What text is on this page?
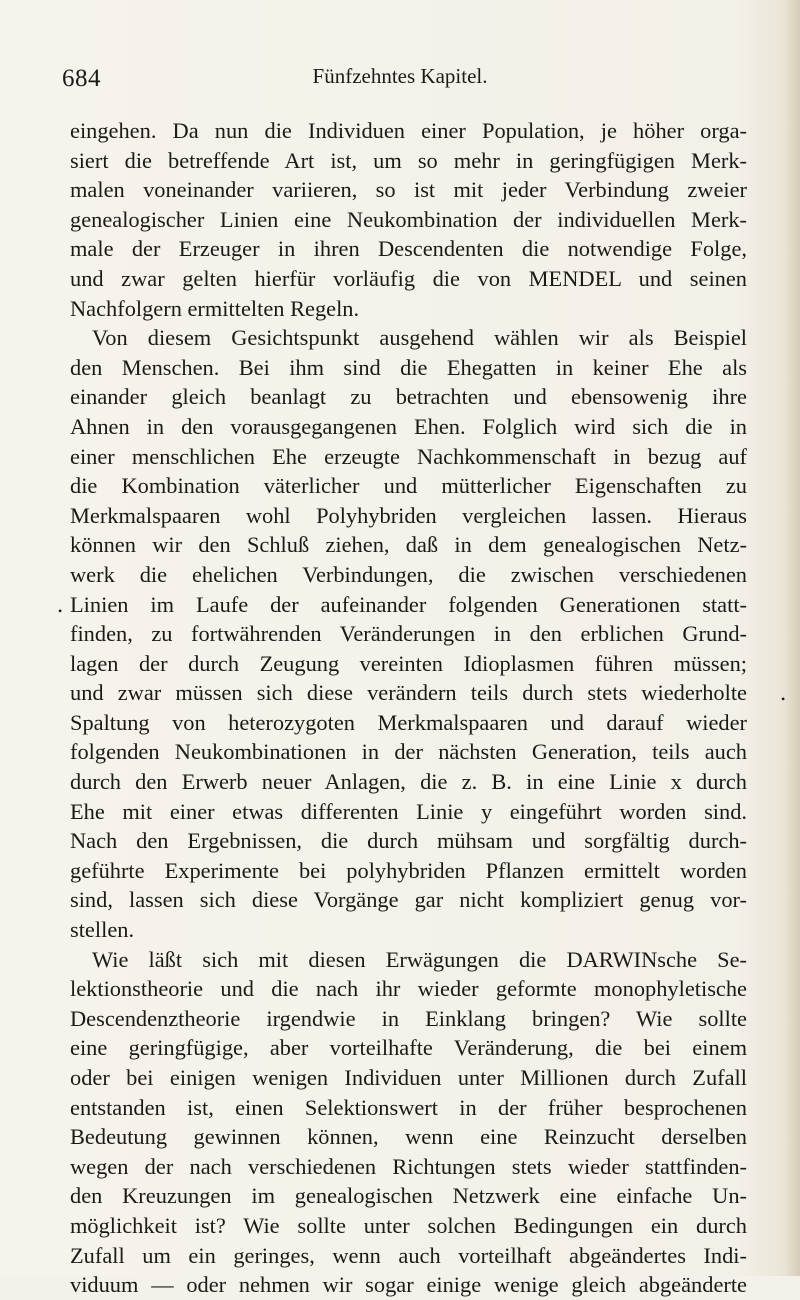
684	Fünfzehntes Kapitel.
eingehen. Da nun die Individuen einer Population, je höher orga-
siert die betreffende Art ist, um so mehr in geringfügigen Merk-
malen voneinander variieren, so ist mit jeder Verbindung zweier
genealogischer Linien eine Neukombination der individuellen Merk-
male der Erzeuger in ihren Descendenten die notwendige Folge,
und zwar gelten hierfür vorläufig die von MENDEL und seinen
Nachfolgern ermittelten Regeln.
Von diesem Gesichtspunkt ausgehend wählen wir als Beispiel
den Menschen. Bei ihm sind die Ehegatten in keiner Ehe als
einander gleich beanlagt zu betrachten und ebensowenig ihre
Ahnen in den vorausgegangenen Ehen. Folglich wird sich die in
einer menschlichen Ehe erzeugte Nachkommenschaft in bezug auf
die Kombination väterlicher und mütterlicher Eigenschaften zu
Merkmalspaaren wohl Polyhybriden vergleichen lassen. Hieraus
können wir den Schluß ziehen, daß in dem genealogischen Netz-
werk die ehelichen Verbindungen, die zwischen verschiedenen
Linien im Laufe der aufeinander folgenden Generationen statt-
finden, zu fortwährenden Veränderungen in den erblichen Grund-
lagen der durch Zeugung vereinten Idioplasmen führen müssen;
und zwar müssen sich diese verändern teils durch stets wiederholte
Spaltung von heterozygoten Merkmalspaaren und darauf wieder
folgenden Neukombinationen in der nächsten Generation, teils auch
durch den Erwerb neuer Anlagen, die z. B. in eine Linie x durch
Ehe mit einer etwas differenten Linie y eingeführt worden sind.
Nach den Ergebnissen, die durch mühsam und sorgfältig durch-
geführte Experimente bei polyhybriden Pflanzen ermittelt worden
sind, lassen sich diese Vorgänge gar nicht kompliziert genug vor-
stellen.
Wie läßt sich mit diesen Erwägungen die DARWINsche Se-
lektionstheorie und die nach ihr wieder geformte monophyletische
Descendenztheorie irgendwie in Einklang bringen? Wie sollte
eine geringfügige, aber vorteilhafte Veränderung, die bei einem
oder bei einigen wenigen Individuen unter Millionen durch Zufall
entstanden ist, einen Selektionswert in der früher besprochenen
Bedeutung gewinnen können, wenn eine Reinzucht derselben
wegen der nach verschiedenen Richtungen stets wieder stattfinden-
den Kreuzungen im genealogischen Netzwerk eine einfache Un-
möglichkeit ist? Wie sollte unter solchen Bedingungen ein durch
Zufall um ein geringes, wenn auch vorteilhaft abgeändertes Indi-
viduum — oder nehmen wir sogar einige wenige gleich abgeänderte
•
•
